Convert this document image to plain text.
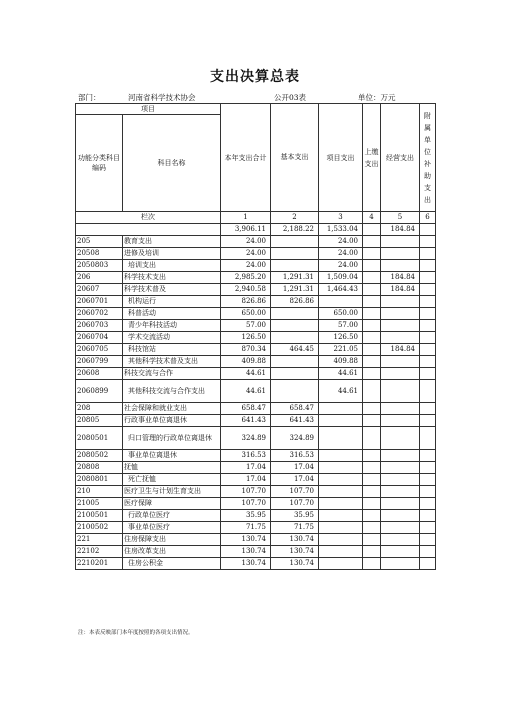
支出决算总表
部门：	河南省科学技术协会	公开03表	单位：万元
项目		本年支出合计	基本支出	项目支出	上缴支出	经营支出	附属单位补助支出
功能分类科目编码	科目名称						
栏次		1	2	3	4	5	6
		3,906.11	2,188.22	1,533.04		184.84	
205	教育支出	24.00		24.00			
20508	进修及培训	24.00		24.00			
2050803	培训支出	24.00		24.00			
206	科学技术支出	2,985.20	1,291.31	1,509.04		184.84	
20607	科学技术普及	2,940.58	1,291.31	1,464.43		184.84	
2060701	机构运行	826.86	826.86				
2060702	科普活动	650.00		650.00			
2060703	青少年科技活动	57.00		57.00			
2060704	学术交流活动	126.50		126.50			
2060705	科技馆站	870.34	464.45	221.05		184.84	
2060799	其他科学技术普及支出	409.88		409.88			
20608	科技交流与合作	44.61		44.61			
2060899	其他科技交流与合作支出	44.61		44.61			
208	社会保障和就业支出	658.47	658.47				
20805	行政事业单位离退休	641.43	641.43				
2080501	归口管理的行政单位离退休	324.89	324.89				
2080502	事业单位离退休	316.53	316.53				
20808	抚恤	17.04	17.04				
2080801	死亡抚恤	17.04	17.04				
210	医疗卫生与计划生育支出	107.70	107.70				
21005	医疗保障	107.70	107.70				
2100501	行政单位医疗	35.95	35.95				
2100502	事业单位医疗	71.75	71.75				
221	住房保障支出	130.74	130.74				
22102	住房改革支出	130.74	130.74				
2210201	住房公积金	130.74	130.74				
注：本表反映部门本年度按照的各项支出情况。
